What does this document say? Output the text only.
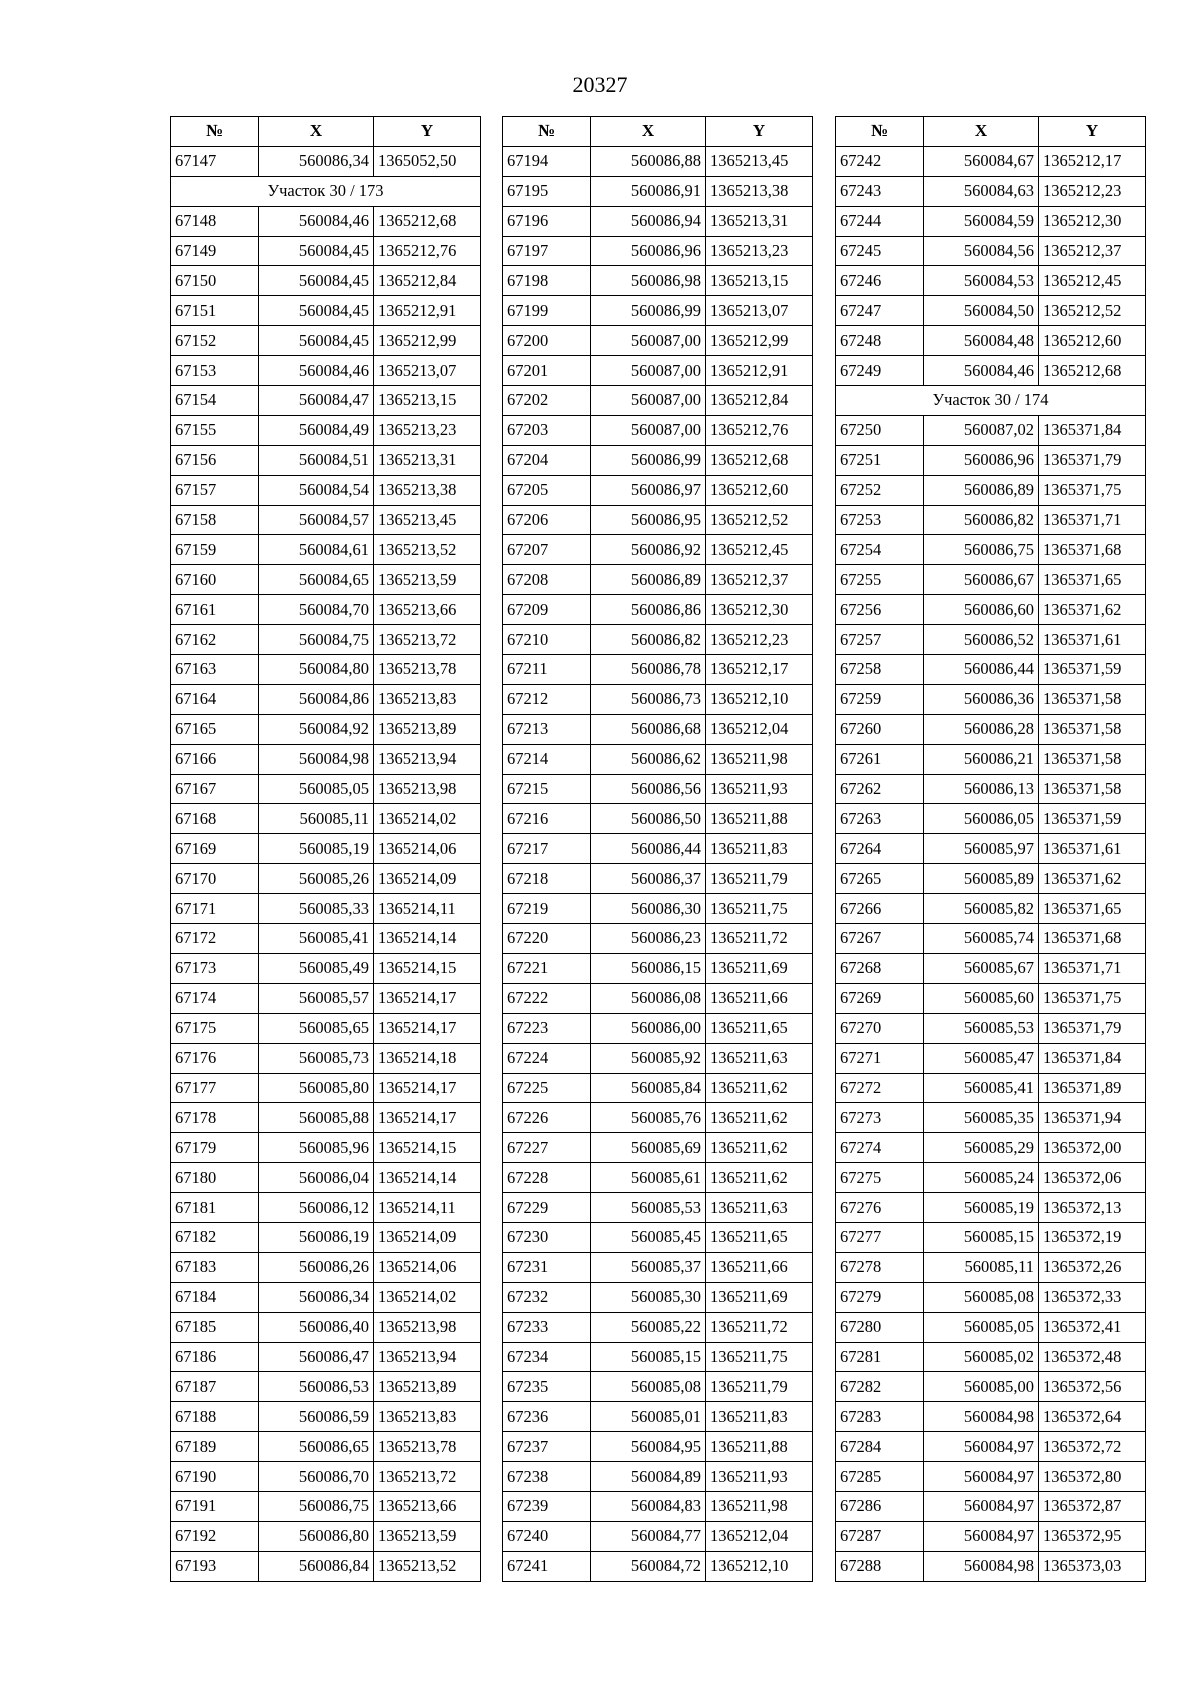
20327
№	X	Y
67147	560086,34	1365052,50
Участок 30 / 173		
67148	560084,46	1365212,68
67149	560084,45	1365212,76
67150	560084,45	1365212,84
67151	560084,45	1365212,91
67152	560084,45	1365212,99
67153	560084,46	1365213,07
67154	560084,47	1365213,15
67155	560084,49	1365213,23
67156	560084,51	1365213,31
67157	560084,54	1365213,38
67158	560084,57	1365213,45
67159	560084,61	1365213,52
67160	560084,65	1365213,59
67161	560084,70	1365213,66
67162	560084,75	1365213,72
67163	560084,80	1365213,78
67164	560084,86	1365213,83
67165	560084,92	1365213,89
67166	560084,98	1365213,94
67167	560085,05	1365213,98
67168	560085,11	1365214,02
67169	560085,19	1365214,06
67170	560085,26	1365214,09
67171	560085,33	1365214,11
67172	560085,41	1365214,14
67173	560085,49	1365214,15
67174	560085,57	1365214,17
67175	560085,65	1365214,17
67176	560085,73	1365214,18
67177	560085,80	1365214,17
67178	560085,88	1365214,17
67179	560085,96	1365214,15
67180	560086,04	1365214,14
67181	560086,12	1365214,11
67182	560086,19	1365214,09
67183	560086,26	1365214,06
67184	560086,34	1365214,02
67185	560086,40	1365213,98
67186	560086,47	1365213,94
67187	560086,53	1365213,89
67188	560086,59	1365213,83
67189	560086,65	1365213,78
67190	560086,70	1365213,72
67191	560086,75	1365213,66
67192	560086,80	1365213,59
67193	560086,84	1365213,52
№	X	Y
67194	560086,88	1365213,45
67195	560086,91	1365213,38
67196	560086,94	1365213,31
67197	560086,96	1365213,23
67198	560086,98	1365213,15
67199	560086,99	1365213,07
67200	560087,00	1365212,99
67201	560087,00	1365212,91
67202	560087,00	1365212,84
67203	560087,00	1365212,76
67204	560086,99	1365212,68
67205	560086,97	1365212,60
67206	560086,95	1365212,52
67207	560086,92	1365212,45
67208	560086,89	1365212,37
67209	560086,86	1365212,30
67210	560086,82	1365212,23
67211	560086,78	1365212,17
67212	560086,73	1365212,10
67213	560086,68	1365212,04
67214	560086,62	1365211,98
67215	560086,56	1365211,93
67216	560086,50	1365211,88
67217	560086,44	1365211,83
67218	560086,37	1365211,79
67219	560086,30	1365211,75
67220	560086,23	1365211,72
67221	560086,15	1365211,69
67222	560086,08	1365211,66
67223	560086,00	1365211,65
67224	560085,92	1365211,63
67225	560085,84	1365211,62
67226	560085,76	1365211,62
67227	560085,69	1365211,62
67228	560085,61	1365211,62
67229	560085,53	1365211,63
67230	560085,45	1365211,65
67231	560085,37	1365211,66
67232	560085,30	1365211,69
67233	560085,22	1365211,72
67234	560085,15	1365211,75
67235	560085,08	1365211,79
67236	560085,01	1365211,83
67237	560084,95	1365211,88
67238	560084,89	1365211,93
67239	560084,83	1365211,98
67240	560084,77	1365212,04
67241	560084,72	1365212,10
№	X	Y
67242	560084,67	1365212,17
67243	560084,63	1365212,23
67244	560084,59	1365212,30
67245	560084,56	1365212,37
67246	560084,53	1365212,45
67247	560084,50	1365212,52
67248	560084,48	1365212,60
67249	560084,46	1365212,68
Участок 30 / 174		
67250	560087,02	1365371,84
67251	560086,96	1365371,79
67252	560086,89	1365371,75
67253	560086,82	1365371,71
67254	560086,75	1365371,68
67255	560086,67	1365371,65
67256	560086,60	1365371,62
67257	560086,52	1365371,61
67258	560086,44	1365371,59
67259	560086,36	1365371,58
67260	560086,28	1365371,58
67261	560086,21	1365371,58
67262	560086,13	1365371,58
67263	560086,05	1365371,59
67264	560085,97	1365371,61
67265	560085,89	1365371,62
67266	560085,82	1365371,65
67267	560085,74	1365371,68
67268	560085,67	1365371,71
67269	560085,60	1365371,75
67270	560085,53	1365371,79
67271	560085,47	1365371,84
67272	560085,41	1365371,89
67273	560085,35	1365371,94
67274	560085,29	1365372,00
67275	560085,24	1365372,06
67276	560085,19	1365372,13
67277	560085,15	1365372,19
67278	560085,11	1365372,26
67279	560085,08	1365372,33
67280	560085,05	1365372,41
67281	560085,02	1365372,48
67282	560085,00	1365372,56
67283	560084,98	1365372,64
67284	560084,97	1365372,72
67285	560084,97	1365372,80
67286	560084,97	1365372,87
67287	560084,97	1365372,95
67288	560084,98	1365373,03
